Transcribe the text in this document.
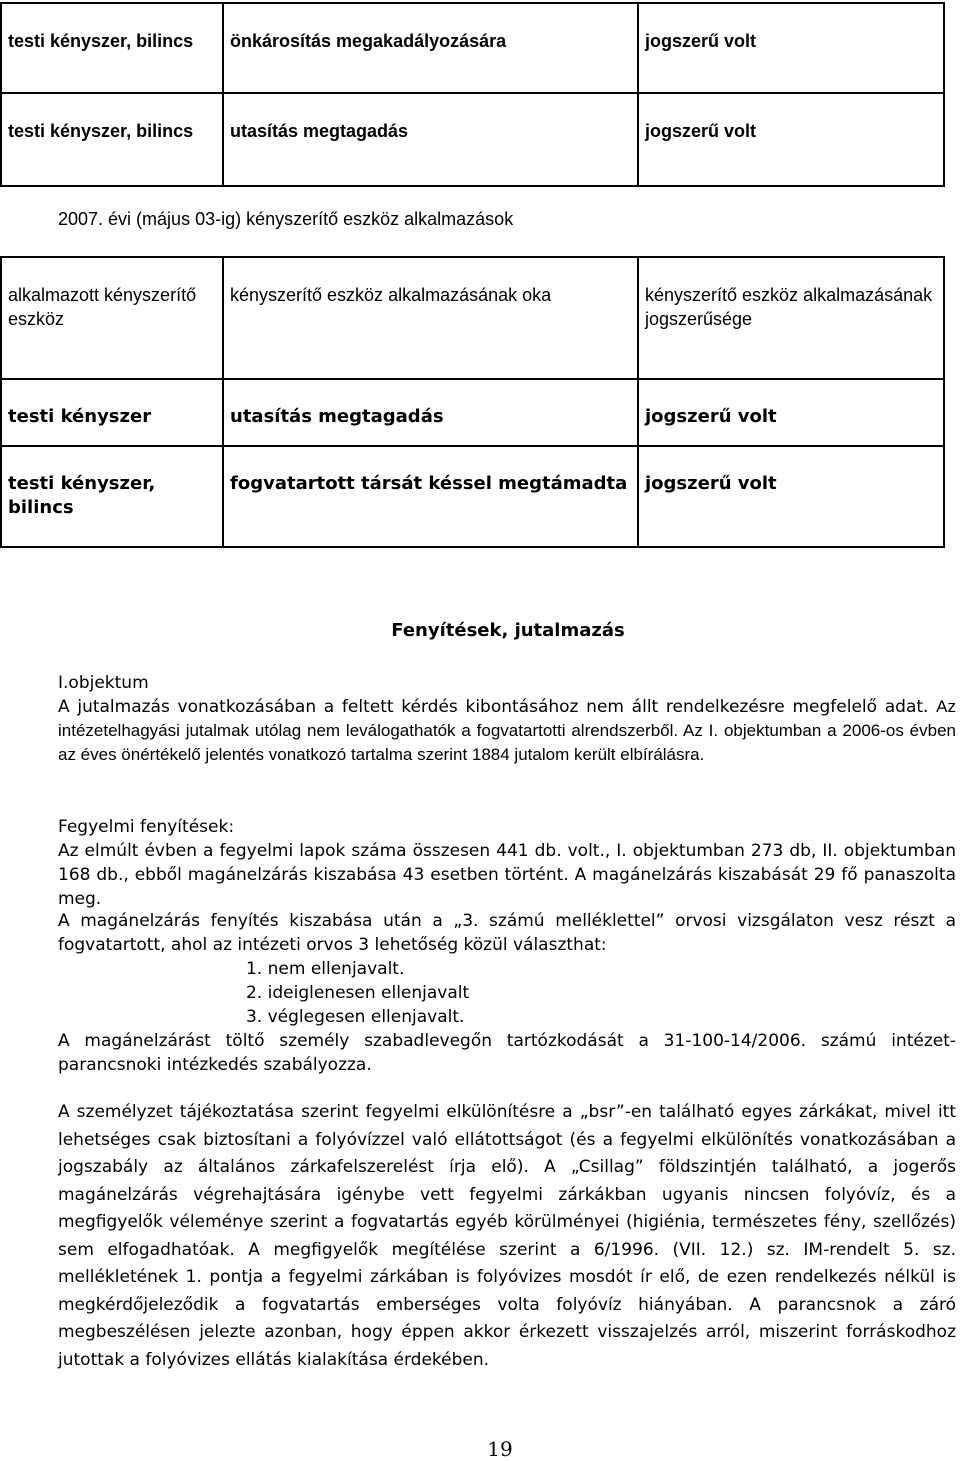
testi kényszer, bilincs	önkárosítás megakadályozására	jogszerű volt
testi kényszer, bilincs	utasítás megtagadás	jogszerű volt
2007. évi (május 03-ig) kényszerítő eszköz alkalmazások
alkalmazott kényszerítő eszköz	kényszerítő eszköz alkalmazásának oka	kényszerítő eszköz alkalmazásának jogszerűsége
testi kényszer	utasítás megtagadás	jogszerű volt
testi kényszer, bilincs	fogvatartott társát késsel megtámadta	jogszerű volt
Fenyítések, jutalmazás
I.objektum
A jutalmazás vonatkozásában a feltett kérdés kibontásához nem állt rendelkezésre megfelelő adat. Az intézetelhagyási jutalmak utólag nem leválogathatók a fogvatartotti alrendszerből. Az I. objektumban a 2006-os évben az éves önértékelő jelentés vonatkozó tartalma szerint 1884 jutalom került elbírálásra.
Fegyelmi fenyítések:
Az elmúlt évben a fegyelmi lapok száma összesen 441 db. volt., I. objektumban 273 db, II. objektumban 168 db., ebből magánelzárás kiszabása 43 esetben történt. A magánelzárás kiszabását 29 fő panaszolta meg.
A magánelzárás fenyítés kiszabása után a „3. számú melléklettel” orvosi vizsgálaton vesz részt a fogvatartott, ahol az intézeti orvos 3 lehetőség közül választhat:
1. nem ellenjavalt.
2. ideiglenesen ellenjavalt
3. véglegesen ellenjavalt.
A magánelzárást töltő személy szabadlevegőn tartózkodását a 31-100-14/2006. számú intézet-parancsnoki intézkedés szabályozza.
A személyzet tájékoztatása szerint fegyelmi elkülönítésre a „bsr”-en található egyes zárkákat, mivel itt lehetséges csak biztosítani a folyóvízzel való ellátottságot (és a fegyelmi elkülönítés vonatkozásában a jogszabály az általános zárkafelszerelést írja elő). A „Csillag” földszintjén található, a jogerős magánelzárás végrehajtására igénybe vett fegyelmi zárkákban ugyanis nincsen folyóvíz, és a megfigyelők véleménye szerint a fogvatartás egyéb körülményei (higiénia, természetes fény, szellőzés) sem elfogadhatóak. A megfigyelők megítélése szerint a 6/1996. (VII. 12.) sz. IM-rendelt 5. sz. mellékletének 1. pontja a fegyelmi zárkában is folyóvizes mosdót ír elő, de ezen rendelkezés nélkül is megkérdőjeleződik a fogvatartás emberséges volta folyóvíz hiányában. A parancsnok a záró megbeszélésen jelezte azonban, hogy éppen akkor érkezett visszajelzés arról, miszerint forráskodhoz jutottak a folyóvizes ellátás kialakítása érdekében.
19
